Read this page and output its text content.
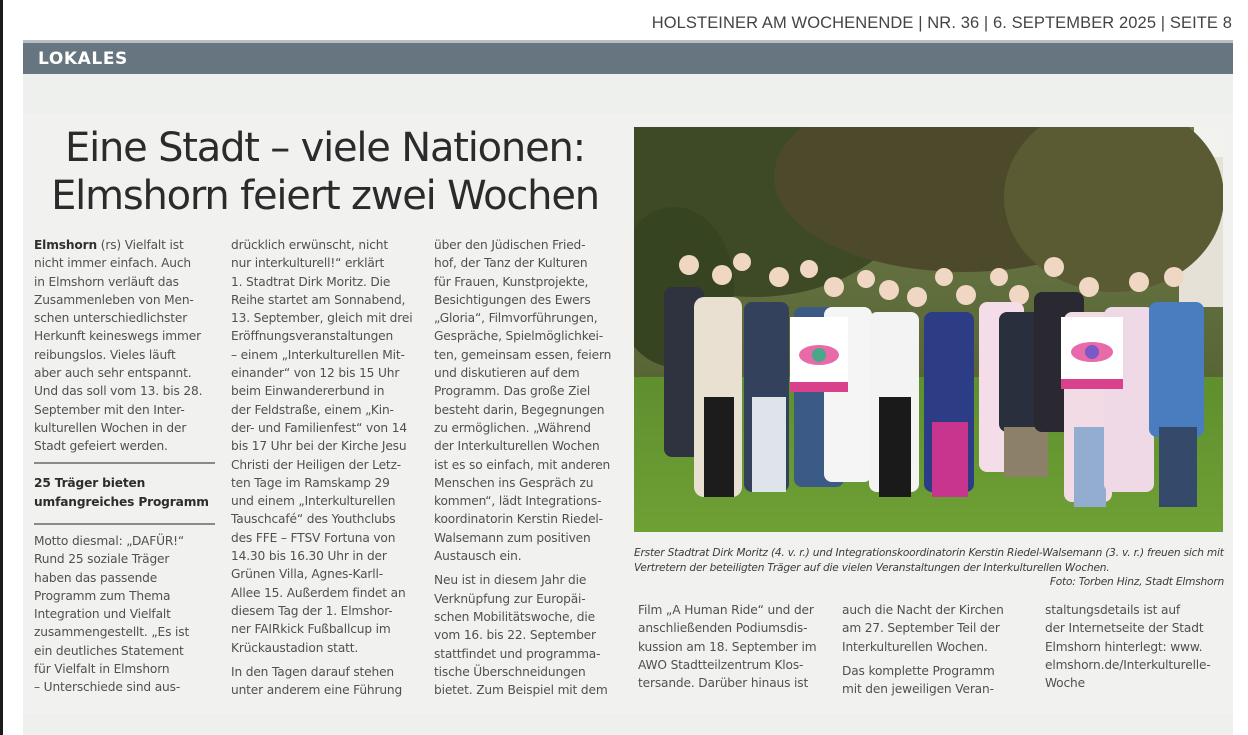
HOLSTEINER AM WOCHENENDE | NR. 36 | 6. SEPTEMBER 2025 | SEITE 8
LOKALES
Eine Stadt – viele Nationen:
Elmshorn feiert zwei Wochen

Elmshorn (rs) Vielfalt ist
nicht immer einfach. Auch
in Elmshorn verläuft das
Zusammenleben von Men-
schen unterschiedlichster
Herkunft keineswegs immer
reibungslos. Vieles läuft
aber auch sehr entspannt.
Und das soll vom 13. bis 28.
September mit den Inter-
kulturellen Wochen in der
Stadt gefeiert werden.

25 Träger bieten
umfangreiches Programm

Motto diesmal: „DAFÜR!“
Rund 25 soziale Träger
haben das passende
Programm zum Thema
Integration und Vielfalt
zusammengestellt. „Es ist
ein deutliches Statement
für Vielfalt in Elmshorn
– Unterschiede sind aus-

drücklich erwünscht, nicht
nur interkulturell!“ erklärt
1. Stadtrat Dirk Moritz. Die
Reihe startet am Sonnabend,
13. September, gleich mit drei
Eröffnungsveranstaltungen
– einem „Interkulturellen Mit-
einander“ von 12 bis 15 Uhr
beim Einwandererbund in
der Feldstraße, einem „Kin-
der- und Familienfest“ von 14
bis 17 Uhr bei der Kirche Jesu
Christi der Heiligen der Letz-
ten Tage im Ramskamp 29
und einem „Interkulturellen
Tauschcafé“ des Youthclubs
des FFE – FTSV Fortuna von
14.30 bis 16.30 Uhr in der
Grünen Villa, Agnes-Karll-
Allee 15. Außerdem findet an
diesem Tag der 1. Elmshor-
ner FAIRkick Fußballcup im
Krückaustadion statt.

In den Tagen darauf stehen
unter anderem eine Führung

über den Jüdischen Fried-
hof, der Tanz der Kulturen
für Frauen, Kunstprojekte,
Besichtigungen des Ewers
„Gloria“, Filmvorführungen,
Gespräche, Spielmöglichkei-
ten, gemeinsam essen, feiern
und diskutieren auf dem
Programm. Das große Ziel
besteht darin, Begegnungen
zu ermöglichen. „Während
der Interkulturellen Wochen
ist es so einfach, mit anderen
Menschen ins Gespräch zu
kommen“, lädt Integrations-
koordinatorin Kerstin Riedel-
Walsemann zum positiven
Austausch ein.

Neu ist in diesem Jahr die
Verknüpfung zur Europäi-
schen Mobilitätswoche, die
vom 16. bis 22. September
stattfindet und programma-
tische Überschneidungen
bietet. Zum Beispiel mit dem

Erster Stadtrat Dirk Moritz (4. v. r.) und Integrationskoordinatorin Kerstin Riedel-Walsemann (3. v. r.) freuen sich mit Vertretern der beteiligten Träger auf die vielen Veranstaltungen der Interkulturellen Wochen.
Foto: Torben Hinz, Stadt Elmshorn

Film „A Human Ride“ und der
anschließenden Podiumsdis-
kussion am 18. September im
AWO Stadtteilzentrum Klos-
tersande. Darüber hinaus ist

auch die Nacht der Kirchen
am 27. September Teil der
Interkulturellen Wochen.

Das komplette Programm
mit den jeweiligen Veran-

staltungsdetails ist auf
der Internetseite der Stadt
Elmshorn hinterlegt: www.
elmshorn.de/Interkulturelle-
Woche
